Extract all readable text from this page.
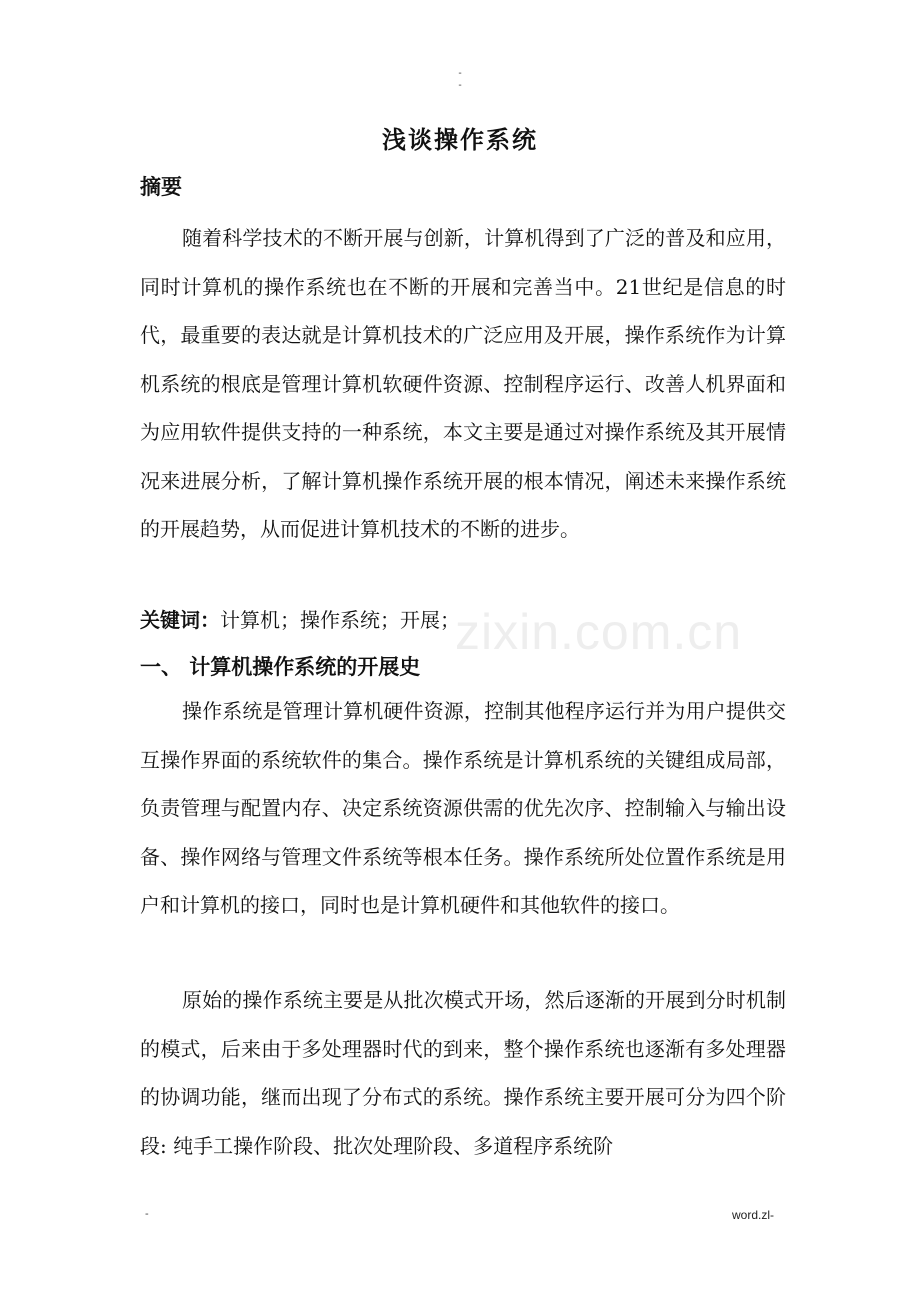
-
-
zixin.com.cn
浅谈操作系统
摘要

随着科学技术的不断开展与创新，计算机得到了广泛的普及和应用，同时计算机的操作系统也在不断的开展和完善当中。21世纪是信息的时代，最重要的表达就是计算机技术的广泛应用及开展，操作系统作为计算机系统的根底是管理计算机软硬件资源、控制程序运行、改善人机界面和为应用软件提供支持的一种系统，本文主要是通过对操作系统及其开展情况来进展分析，了解计算机操作系统开展的根本情况，阐述未来操作系统的开展趋势，从而促进计算机技术的不断的进步。

关键词：计算机；操作系统；开展；
一、 计算机操作系统的开展史

操作系统是管理计算机硬件资源，控制其他程序运行并为用户提供交互操作界面的系统软件的集合。操作系统是计算机系统的关键组成局部，负责管理与配置内存、决定系统资源供需的优先次序、控制输入与输出设备、操作网络与管理文件系统等根本任务。操作系统所处位置作系统是用户和计算机的接口，同时也是计算机硬件和其他软件的接口。

原始的操作系统主要是从批次模式开场，然后逐渐的开展到分时机制的模式，后来由于多处理器时代的到来，整个操作系统也逐渐有多处理器的协调功能，继而出现了分布式的系统。操作系统主要开展可分为四个阶段: 纯手工操作阶段、批次处理阶段、多道程序系统阶

-	word.zl-
